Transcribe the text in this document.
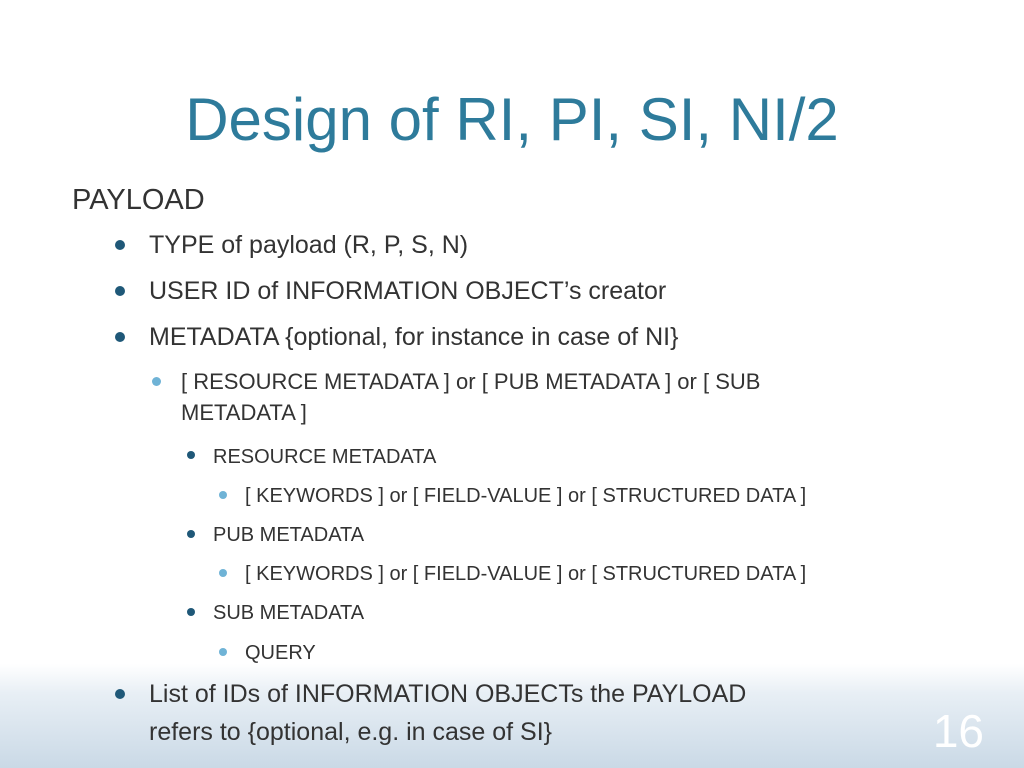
Design of RI, PI, SI, NI/2
PAYLOAD
TYPE of payload (R, P, S, N)
USER ID of INFORMATION OBJECT’s creator
METADATA {optional, for instance in case of NI}
[ RESOURCE METADATA ] or [ PUB METADATA ] or [ SUB
METADATA ]
RESOURCE METADATA
[ KEYWORDS ] or [ FIELD-VALUE ] or [ STRUCTURED DATA ]
PUB METADATA
[ KEYWORDS ] or [ FIELD-VALUE ] or [ STRUCTURED DATA ]
SUB METADATA
QUERY
List of IDs of INFORMATION OBJECTs the PAYLOAD
refers to {optional, e.g. in case of SI}	16
